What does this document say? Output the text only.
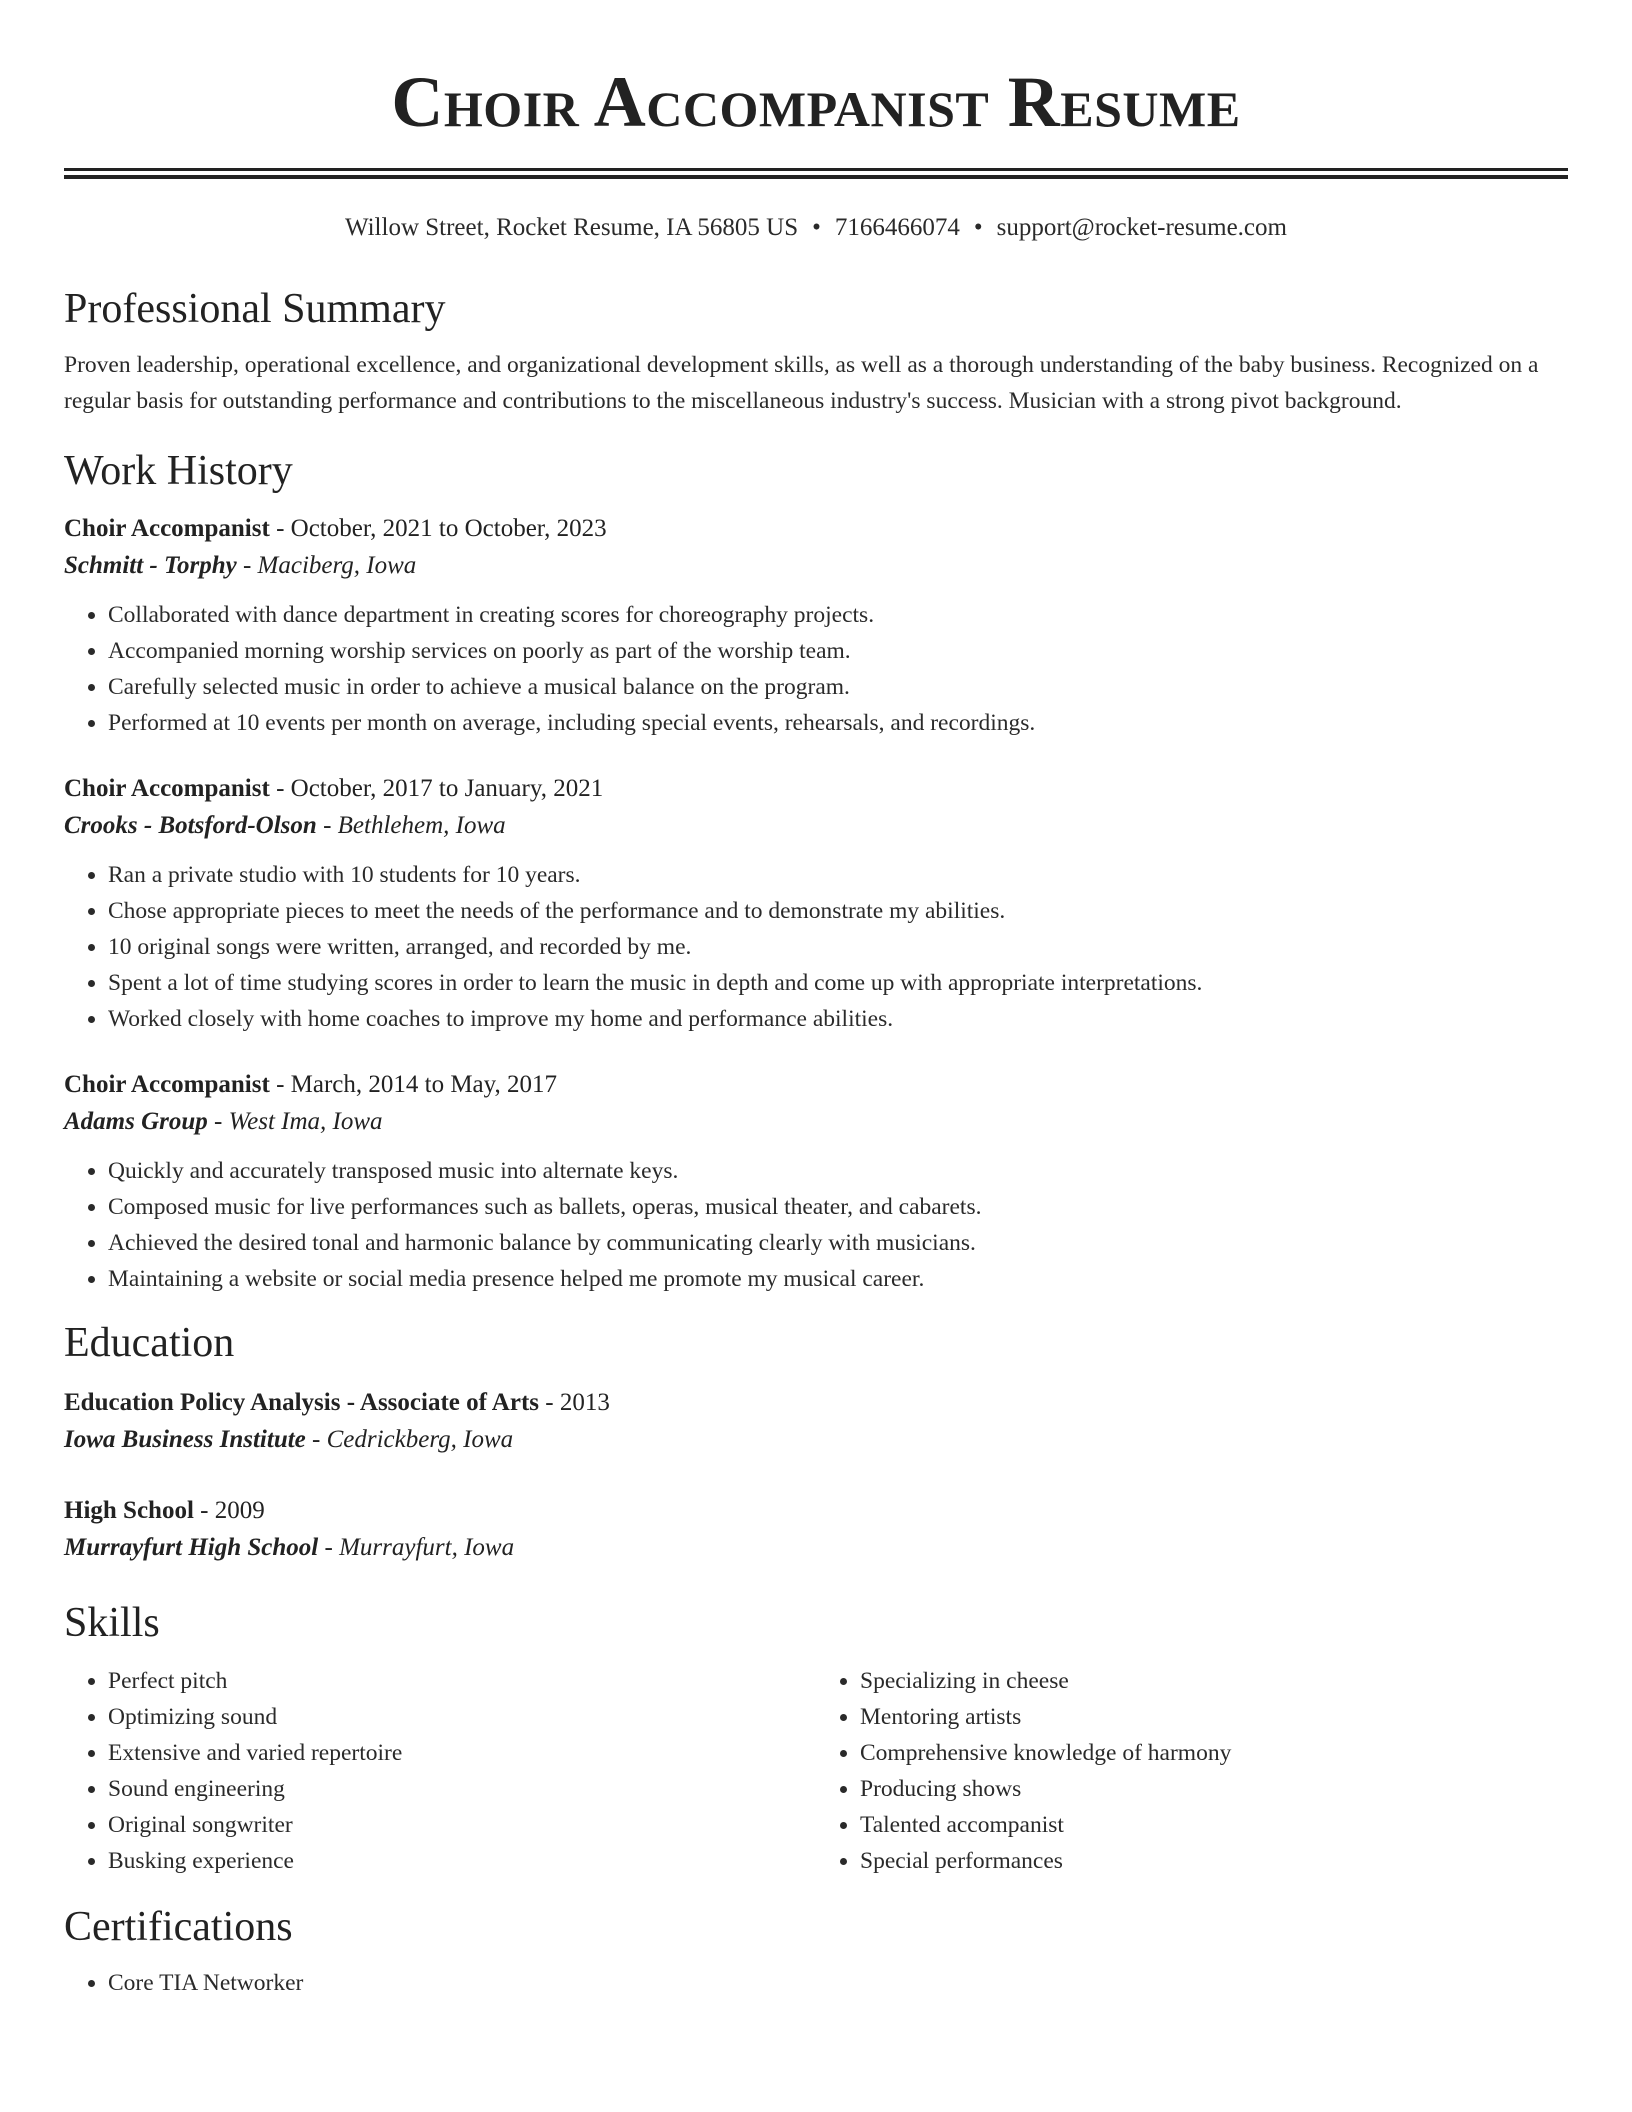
Choir Accompanist Resume
Willow Street, Rocket Resume, IA 56805 US • 7166466074 • support@rocket-resume.com
Professional Summary

Proven leadership, operational excellence, and organizational development skills, as well as a thorough understanding of the baby business. Recognized on a regular basis for outstanding performance and contributions to the miscellaneous industry's success. Musician with a strong pivot background.

Work History
Choir Accompanist - October, 2021 to October, 2023
Schmitt - Torphy - Maciberg, Iowa
• Collaborated with dance department in creating scores for choreography projects.
• Accompanied morning worship services on poorly as part of the worship team.
• Carefully selected music in order to achieve a musical balance on the program.
• Performed at 10 events per month on average, including special events, rehearsals, and recordings.
Choir Accompanist - October, 2017 to January, 2021
Crooks - Botsford-Olson - Bethlehem, Iowa
• Ran a private studio with 10 students for 10 years.
• Chose appropriate pieces to meet the needs of the performance and to demonstrate my abilities.
• 10 original songs were written, arranged, and recorded by me.
• Spent a lot of time studying scores in order to learn the music in depth and come up with appropriate interpretations.
• Worked closely with home coaches to improve my home and performance abilities.
Choir Accompanist - March, 2014 to May, 2017
Adams Group - West Ima, Iowa
• Quickly and accurately transposed music into alternate keys.
• Composed music for live performances such as ballets, operas, musical theater, and cabarets.
• Achieved the desired tonal and harmonic balance by communicating clearly with musicians.
• Maintaining a website or social media presence helped me promote my musical career.
Education
Education Policy Analysis - Associate of Arts - 2013
Iowa Business Institute - Cedrickberg, Iowa
High School - 2009
Murrayfurt High School - Murrayfurt, Iowa
Skills
• Perfect pitch
• Optimizing sound
• Extensive and varied repertoire
• Sound engineering
• Original songwriter
• Busking experience
• Specializing in cheese
• Mentoring artists
• Comprehensive knowledge of harmony
• Producing shows
• Talented accompanist
• Special performances
Certifications
• Core TIA Networker
